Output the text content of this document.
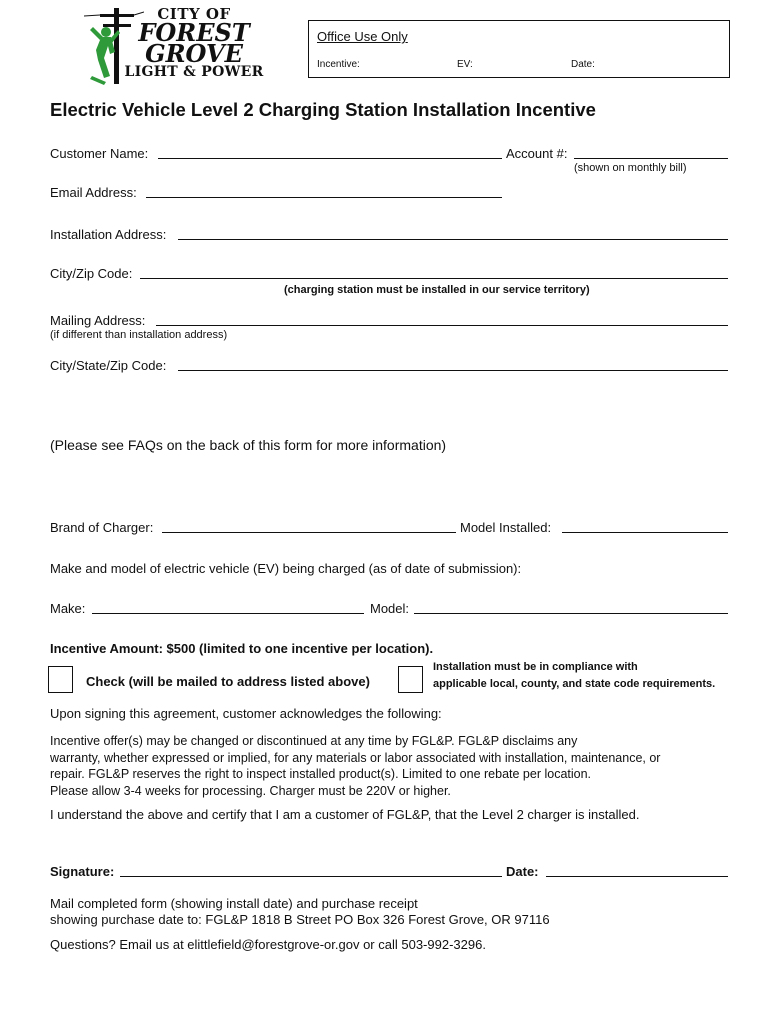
CITY OF
FOREST
GROVE
LIGHT & POWER
Office Use Only
Incentive:	EV:	Date:
Electric Vehicle Level 2 Charging Station Installation Incentive
Customer Name:	Account #:
(shown on monthly bill)
Email Address:
Installation Address:
City/Zip Code:
(charging station must be installed in our service territory)
Mailing Address:
(if different than installation address)
City/State/Zip Code:
(Please see FAQs on the back of this form for more information)
Brand of Charger:	Model Installed:
Make and model of electric vehicle (EV) being charged (as of date of submission):
Make:	Model:
Incentive Amount: $500 (limited to one incentive per location).
Check (will be mailed to address listed above)
Installation must be in compliance with
applicable local, county, and state code requirements.
Upon signing this agreement, customer acknowledges the following:
Incentive offer(s) may be changed or discontinued at any time by FGL&P. FGL&P disclaims any
warranty, whether expressed or implied, for any materials or labor associated with installation, maintenance, or
repair. FGL&P reserves the right to inspect installed product(s). Limited to one rebate per location.
Please allow 3-4 weeks for processing. Charger must be 220V or higher.
I understand the above and certify that I am a customer of FGL&P, that the Level 2 charger is installed.
Signature:	Date:
Mail completed form (showing install date) and purchase receipt
showing purchase date to: FGL&P 1818 B Street PO Box 326 Forest Grove, OR 97116
Questions? Email us at elittlefield@forestgrove-or.gov or call 503-992-3296.
